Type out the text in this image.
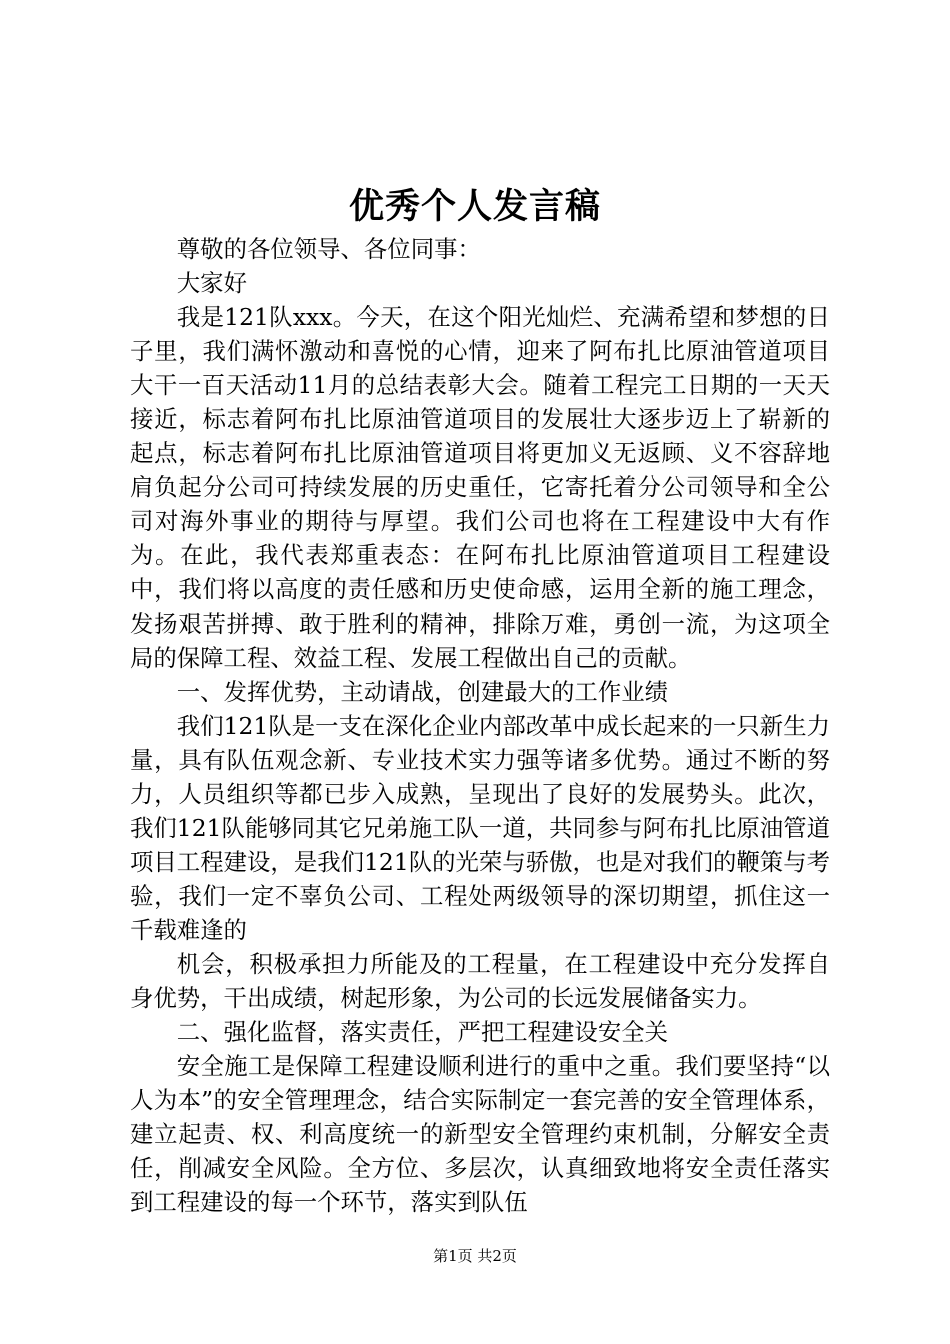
优秀个人发言稿

尊敬的各位领导、各位同事：

大家好

我是121队xxx。今天，在这个阳光灿烂、充满希望和梦想的日子里，我们满怀激动和喜悦的心情，迎来了阿布扎比原油管道项目大干一百天活动11月的总结表彰大会。随着工程完工日期的一天天接近，标志着阿布扎比原油管道项目的发展壮大逐步迈上了崭新的起点，标志着阿布扎比原油管道项目将更加义无返顾、义不容辞地肩负起分公司可持续发展的历史重任，它寄托着分公司领导和全公司对海外事业的期待与厚望。我们公司也将在工程建设中大有作为。在此，我代表郑重表态：在阿布扎比原油管道项目工程建设中，我们将以高度的责任感和历史使命感，运用全新的施工理念，发扬艰苦拼搏、敢于胜利的精神，排除万难，勇创一流，为这项全局的保障工程、效益工程、发展工程做出自己的贡献。

一、发挥优势，主动请战，创建最大的工作业绩

我们121队是一支在深化企业内部改革中成长起来的一只新生力量，具有队伍观念新、专业技术实力强等诸多优势。通过不断的努力，人员组织等都已步入成熟，呈现出了良好的发展势头。此次，我们121队能够同其它兄弟施工队一道，共同参与阿布扎比原油管道项目工程建设，是我们121队的光荣与骄傲，也是对我们的鞭策与考验，我们一定不辜负公司、工程处两级领导的深切期望，抓住这一千载难逢的

机会，积极承担力所能及的工程量，在工程建设中充分发挥自身优势，干出成绩，树起形象，为公司的长远发展储备实力。

二、强化监督，落实责任，严把工程建设安全关

安全施工是保障工程建设顺利进行的重中之重。我们要坚持“以人为本”的安全管理理念，结合实际制定一套完善的安全管理体系，建立起责、权、利高度统一的新型安全管理约束机制，分解安全责任，削减安全风险。全方位、多层次，认真细致地将安全责任落实到工程建设的每一个环节，落实到队伍

第1页 共2页
